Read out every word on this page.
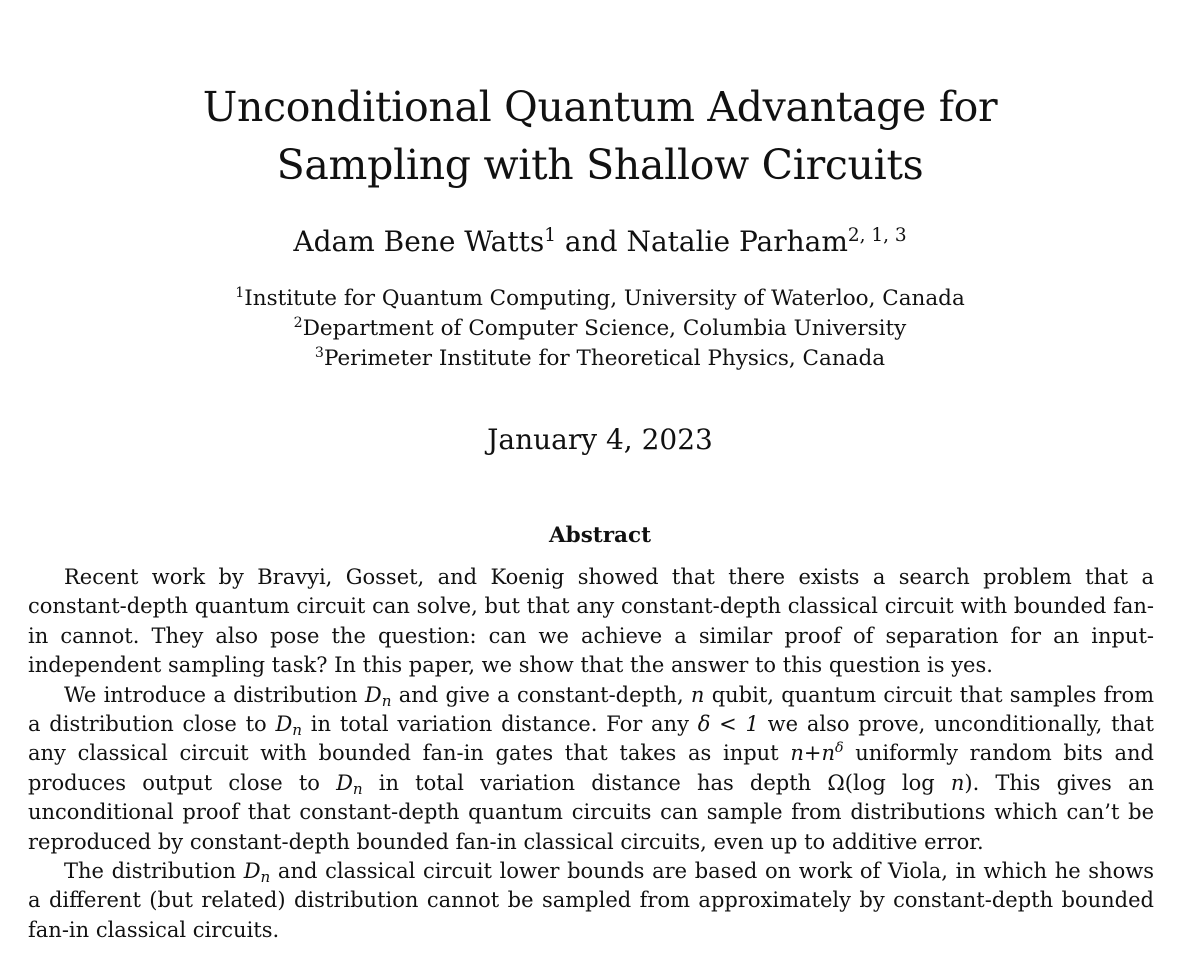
Unconditional Quantum Advantage for
Sampling with Shallow Circuits
Adam Bene Watts$^1$ and Natalie Parham$^{2, 1, 3}$
$^1$Institute for Quantum Computing, University of Waterloo, Canada
$^2$Department of Computer Science, Columbia University
$^3$Perimeter Institute for Theoretical Physics, Canada
January 4, 2023
Abstract

Recent work by Bravyi, Gosset, and Koenig showed that there exists a search problem that a constant-depth quantum circuit can solve, but that any constant-depth classical circuit with bounded fan-in cannot. They also pose the question: can we achieve a similar proof of separation for an input-independent sampling task? In this paper, we show that the answer to this question is yes.

We introduce a distribution $D_n$ and give a constant-depth, n qubit, quantum circuit that samples from a distribution close to $D_n$ in total variation distance. For any δ < 1 we also prove, unconditionally, that any classical circuit with bounded fan-in gates that takes as input $n+n^\delta$ uniformly random bits and produces output close to $D_n$ in total variation distance has depth Ω(log log n). This gives an unconditional proof that constant-depth quantum circuits can sample from distributions which can’t be reproduced by constant-depth bounded fan-in classical circuits, even up to additive error.

The distribution $D_n$ and classical circuit lower bounds are based on work of Viola, in which he shows a different (but related) distribution cannot be sampled from approximately by constant-depth bounded fan-in classical circuits.
